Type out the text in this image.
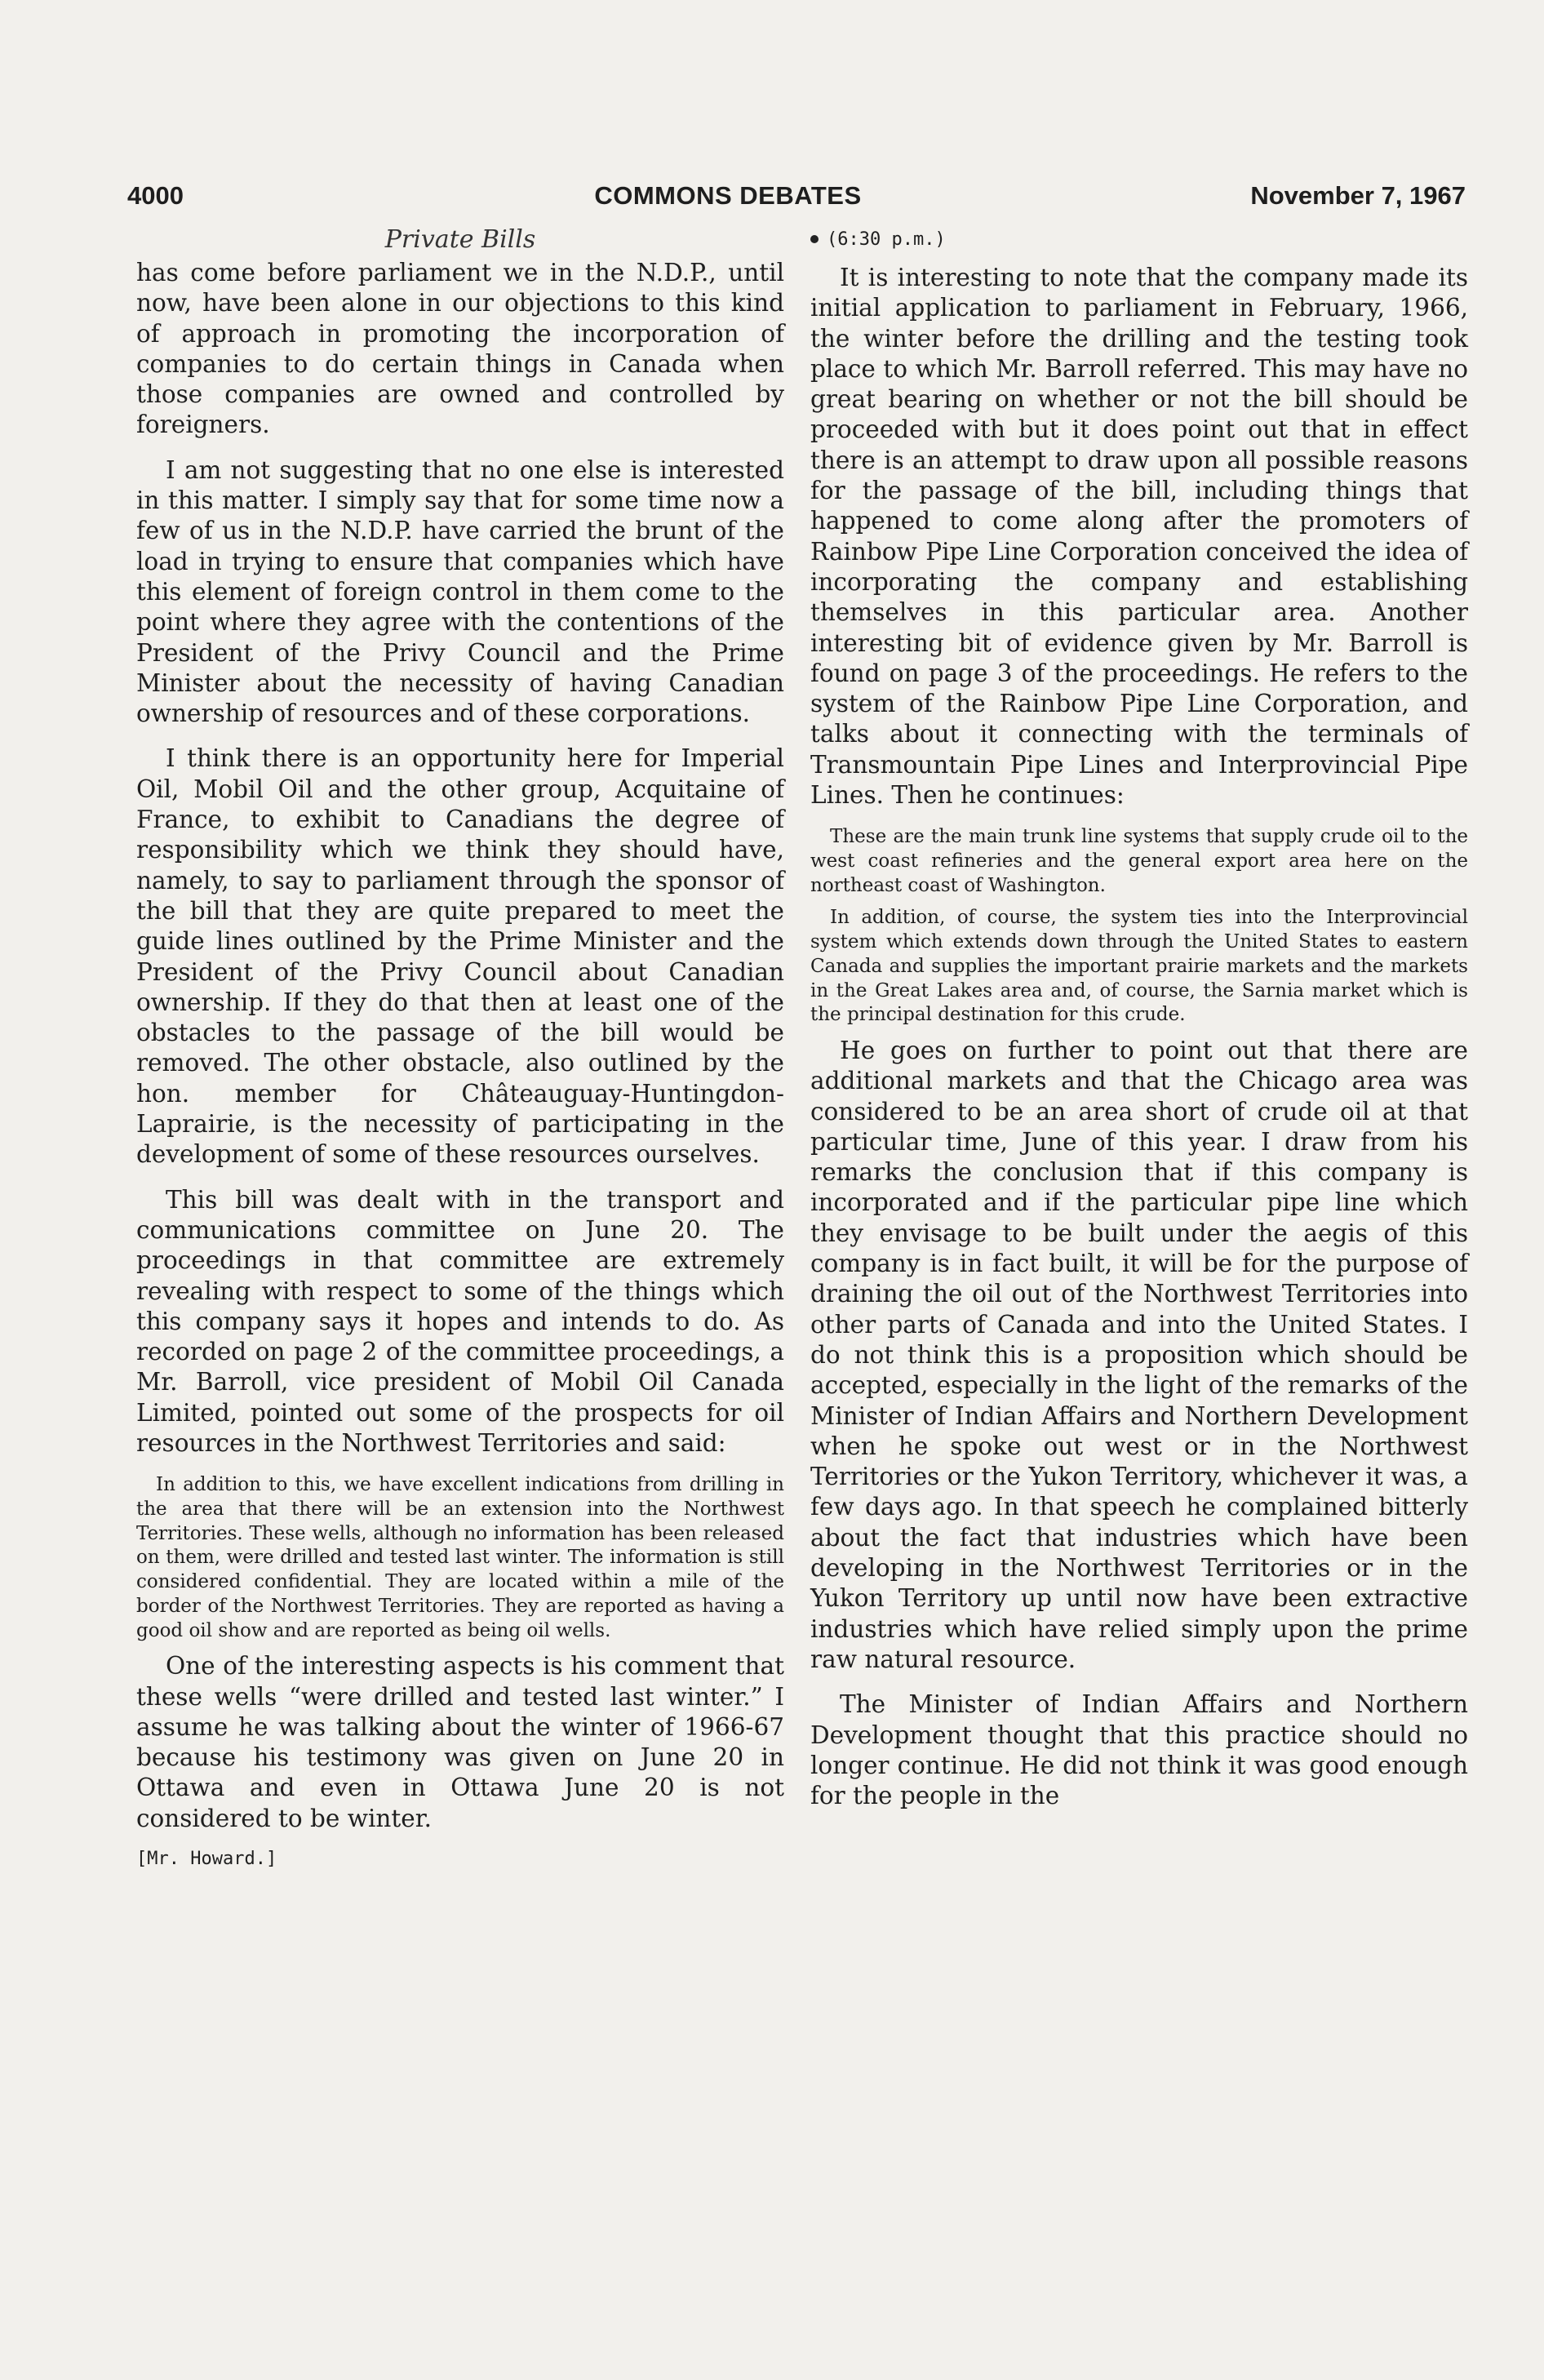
4000	COMMONS DEBATES	November 7, 1967
Private Bills

has come before parliament we in the N.D.P., until now, have been alone in our objections to this kind of approach in promoting the incorporation of companies to do certain things in Canada when those companies are owned and controlled by foreigners.

I am not suggesting that no one else is interested in this matter. I simply say that for some time now a few of us in the N.D.P. have carried the brunt of the load in trying to ensure that companies which have this element of foreign control in them come to the point where they agree with the contentions of the President of the Privy Council and the Prime Minister about the necessity of having Canadian ownership of resources and of these corporations.

I think there is an opportunity here for Imperial Oil, Mobil Oil and the other group, Acquitaine of France, to exhibit to Canadians the degree of responsibility which we think they should have, namely, to say to parliament through the sponsor of the bill that they are quite prepared to meet the guide lines outlined by the Prime Minister and the President of the Privy Council about Canadian ownership. If they do that then at least one of the obstacles to the passage of the bill would be removed. The other obstacle, also outlined by the hon. member for Châteauguay-Huntingdon-Laprairie, is the necessity of participating in the development of some of these resources ourselves.

This bill was dealt with in the transport and communications committee on June 20. The proceedings in that committee are extremely revealing with respect to some of the things which this company says it hopes and intends to do. As recorded on page 2 of the committee proceedings, a Mr. Barroll, vice president of Mobil Oil Canada Limited, pointed out some of the prospects for oil resources in the Northwest Territories and said:

In addition to this, we have excellent indications from drilling in the area that there will be an extension into the Northwest Territories. These wells, although no information has been released on them, were drilled and tested last winter. The information is still considered confidential. They are located within a mile of the border of the Northwest Territories. They are reported as having a good oil show and are reported as being oil wells.

One of the interesting aspects is his comment that these wells “were drilled and tested last winter.” I assume he was talking about the winter of 1966-67 because his testimony was given on June 20 in Ottawa and even in Ottawa June 20 is not considered to be winter.

[Mr. Howard.]
(6:30 p.m.)

It is interesting to note that the company made its initial application to parliament in February, 1966, the winter before the drilling and the testing took place to which Mr. Barroll referred. This may have no great bearing on whether or not the bill should be proceeded with but it does point out that in effect there is an attempt to draw upon all possible reasons for the passage of the bill, including things that happened to come along after the promoters of Rainbow Pipe Line Corporation conceived the idea of incorporating the company and establishing themselves in this particular area. Another interesting bit of evidence given by Mr. Barroll is found on page 3 of the proceedings. He refers to the system of the Rainbow Pipe Line Corporation, and talks about it connecting with the terminals of Transmountain Pipe Lines and Interprovincial Pipe Lines. Then he continues:

These are the main trunk line systems that supply crude oil to the west coast refineries and the general export area here on the northeast coast of Washington.

In addition, of course, the system ties into the Interprovincial system which extends down through the United States to eastern Canada and supplies the important prairie markets and the markets in the Great Lakes area and, of course, the Sarnia market which is the principal destination for this crude.

He goes on further to point out that there are additional markets and that the Chicago area was considered to be an area short of crude oil at that particular time, June of this year. I draw from his remarks the conclusion that if this company is incorporated and if the particular pipe line which they envisage to be built under the aegis of this company is in fact built, it will be for the purpose of draining the oil out of the Northwest Territories into other parts of Canada and into the United States. I do not think this is a proposition which should be accepted, especially in the light of the remarks of the Minister of Indian Affairs and Northern Development when he spoke out west or in the Northwest Territories or the Yukon Territory, whichever it was, a few days ago. In that speech he complained bitterly about the fact that industries which have been developing in the Northwest Territories or in the Yukon Territory up until now have been extractive industries which have relied simply upon the prime raw natural resource.

The Minister of Indian Affairs and Northern Development thought that this practice should no longer continue. He did not think it was good enough for the people in the
